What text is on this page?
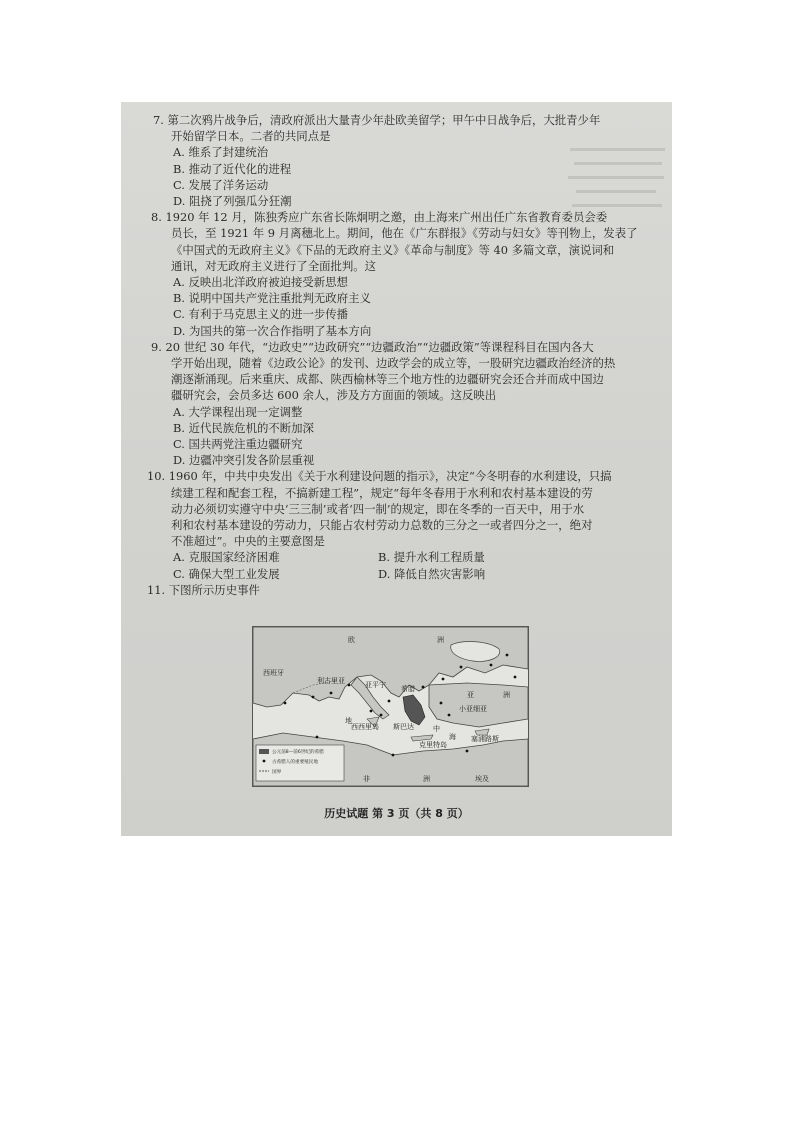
7. 第二次鸦片战争后，清政府派出大量青少年赴欧美留学；甲午中日战争后，大批青少年
开始留学日本。二者的共同点是
A. 维系了封建统治
B. 推动了近代化的进程
C. 发展了洋务运动
D. 阻挠了列强瓜分狂潮
8. 1920 年 12 月，陈独秀应广东省长陈炯明之邀，由上海来广州出任广东省教育委员会委
员长，至 1921 年 9 月离穗北上。期间，他在《广东群报》《劳动与妇女》等刊物上，发表了
《中国式的无政府主义》《下品的无政府主义》《革命与制度》等 40 多篇文章，演说词和
通讯，对无政府主义进行了全面批判。这
A. 反映出北洋政府被迫接受新思想
B. 说明中国共产党注重批判无政府主义
C. 有利于马克思主义的进一步传播
D. 为国共的第一次合作指明了基本方向
9. 20 世纪 30 年代，“边政史”“边政研究”“边疆政治”“边疆政策”等课程科目在国内各大
学开始出现，随着《边政公论》的发刊、边政学会的成立等，一股研究边疆政治经济的热
潮逐渐涌现。后来重庆、成都、陕西榆林等三个地方性的边疆研究会还合并而成中国边
疆研究会，会员多达 600 余人，涉及方方面面的领域。这反映出
A. 大学课程出现一定调整
B. 近代民族危机的不断加深
C. 国共两党注重边疆研究
D. 边疆冲突引发各阶层重视
10. 1960 年，中共中央发出《关于水利建设问题的指示》，决定“今冬明春的水利建设，只搞
续建工程和配套工程，不搞新建工程”，规定“每年冬春用于水利和农村基本建设的劳
动力必须切实遵守中央‘三三制’或者‘四一制’的规定，即在冬季的一百天中，用于水
利和农村基本建设的劳动力，只能占农村劳动力总数的三分之一或者四分之一，绝对
不准超过”。中央的主要意图是
A. 克服国家经济困难	B. 提升水利工程质量
C. 确保大型工业发展	D. 降低自然灾害影响
11. 下图所示历史事件
欧	洲
西班牙
利古里亚	亚平宁 希腊
亚	洲
小亚细亚
西西里岛 斯巴达
克里特岛
塞浦路斯
地
中
海
非	洲	埃及
公元前8—前6世纪的希腊
古希腊人的重要殖民地
国界
历史试题 第 3 页（共 8 页）
